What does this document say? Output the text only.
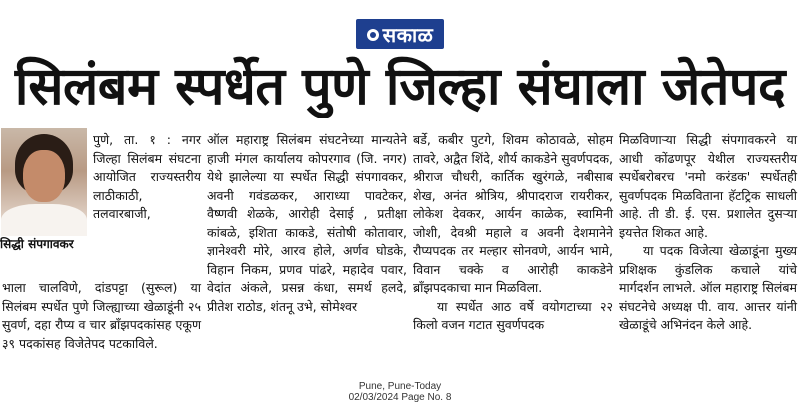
सकाळ
सिलंबम स्पर्धेत पुणे जिल्हा संघाला जेतेपद
सिद्धी संपगावकर

पुणे, ता. १ : नगर जिल्हा सिलंबम संघटना आयोजित राज्यस्तरीय लाठीकाठी, तलवारबाजी,

भाला चालविणे, दांडपट्टा (सुरूल) या सिलंबम स्पर्धेत पुणे जिल्ह्याच्या खेळाडूंनी २५ सुवर्ण, दहा रौप्य व चार ब्राँझपदकांसह एकूण ३९ पदकांसह विजेतेपद पटकाविले.

ऑल महाराष्ट्र सिलंबम संघटनेच्या मान्यतेने हाजी मंगल कार्यालय कोपरगाव (जि. नगर) येथे झालेल्या या स्पर्धेत सिद्धी संपगावकर, अवनी गवंडळकर, आराध्या पावटेकर, वैष्णवी शेळके, आरोही देसाई , प्रतीक्षा कांबळे, इशिता काकडे, संतोषी कोतावार, ज्ञानेश्वरी मोरे, आरव होले, अर्णव घोडके, विहान निकम, प्रणव पांढरे, महादेव पवार, वेदांत अंकले, प्रसन्न कंधा, समर्थ हलदे, प्रीतेश राठोड, शंतनू उभे, सोमेश्वर

बर्डे, कबीर पुटगे, शिवम कोठावळे, सोहम तावरे, अद्वैत शिंदे, शौर्य काकडेने सुवर्णपदक, श्रीराज चौधरी, कार्तिक खुरंगळे, नबीसाब शेख, अनंत श्रोत्रिय, श्रीपादराज रायरीकर, लोकेश देवकर, आर्यन काळेक, स्वामिनी जोशी, देवश्री महाले व अवनी देशमानेने रौप्यपदक तर मल्हार सोनवणे, आर्यन भामे, विवान चक्के व आरोही काकडेने ब्राँझपदकाचा मान मिळविला.
या स्पर्धेत आठ वर्षे वयोगटाच्या २२ किलो वजन गटात सुवर्णपदक
मिळविणाऱ्या सिद्धी संपगावकरने या आधी कोंढणपूर येथील राज्यस्तरीय स्पर्धेबरोबरच 'नमो करंडक' स्पर्धेतही सुवर्णपदक मिळविताना हॅटट्रिक साधली आहे. ती डी. ई. एस. प्रशालेत दुसऱ्या इयत्तेत शिकत आहे.
या पदक विजेत्या खेळाडूंना मुख्य प्रशिक्षक कुंडलिक कचाले यांचे मार्गदर्शन लाभले. ऑल महाराष्ट्र सिलंबम संघटनेचे अध्यक्ष पी. वाय. आत्तर यांनी खेळाडूंचे अभिनंदन केले आहे.
Pune, Pune-Today
02/03/2024 Page No. 8
